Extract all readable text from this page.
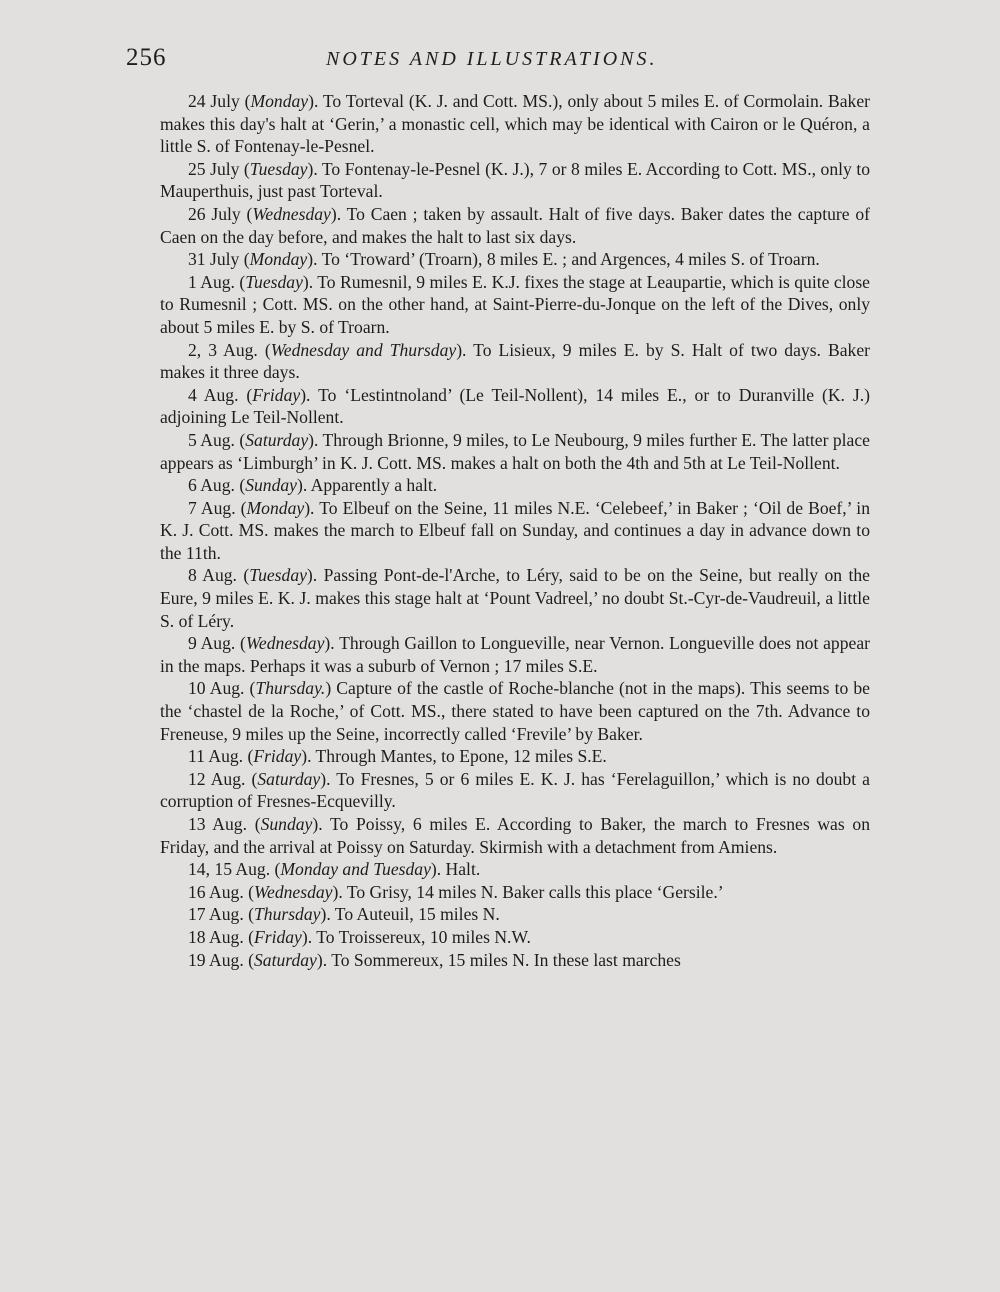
256	NOTES AND ILLUSTRATIONS.

24 July (Monday). To Torteval (K. J. and Cott. MS.), only about 5 miles E. of Cormolain. Baker makes this day's halt at ‘Gerin,’ a monastic cell, which may be identical with Cairon or le Quéron, a little S. of Fontenay-le-Pesnel.

25 July (Tuesday). To Fontenay-le-Pesnel (K. J.), 7 or 8 miles E. According to Cott. MS., only to Mauperthuis, just past Torteval.

26 July (Wednesday). To Caen ; taken by assault. Halt of five days. Baker dates the capture of Caen on the day before, and makes the halt to last six days.

31 July (Monday). To ‘Troward’ (Troarn), 8 miles E. ; and Argences, 4 miles S. of Troarn.

1 Aug. (Tuesday). To Rumesnil, 9 miles E. K.J. fixes the stage at Leaupartie, which is quite close to Rumesnil ; Cott. MS. on the other hand, at Saint-Pierre-du-Jonque on the left of the Dives, only about 5 miles E. by S. of Troarn.

2, 3 Aug. (Wednesday and Thursday). To Lisieux, 9 miles E. by S. Halt of two days. Baker makes it three days.

4 Aug. (Friday). To ‘Lestintnoland’ (Le Teil-Nollent), 14 miles E., or to Duranville (K. J.) adjoining Le Teil-Nollent.

5 Aug. (Saturday). Through Brionne, 9 miles, to Le Neubourg, 9 miles further E. The latter place appears as ‘Limburgh’ in K. J. Cott. MS. makes a halt on both the 4th and 5th at Le Teil-Nollent.

6 Aug. (Sunday). Apparently a halt.

7 Aug. (Monday). To Elbeuf on the Seine, 11 miles N.E. ‘Celebeef,’ in Baker ; ‘Oil de Boef,’ in K. J. Cott. MS. makes the march to Elbeuf fall on Sunday, and continues a day in advance down to the 11th.

8 Aug. (Tuesday). Passing Pont-de-l'Arche, to Léry, said to be on the Seine, but really on the Eure, 9 miles E. K. J. makes this stage halt at ‘Pount Vadreel,’ no doubt St.-Cyr-de-Vaudreuil, a little S. of Léry.

9 Aug. (Wednesday). Through Gaillon to Longueville, near Vernon. Longueville does not appear in the maps. Perhaps it was a suburb of Vernon ; 17 miles S.E.

10 Aug. (Thursday.) Capture of the castle of Roche-blanche (not in the maps). This seems to be the ‘chastel de la Roche,’ of Cott. MS., there stated to have been captured on the 7th. Advance to Freneuse, 9 miles up the Seine, incorrectly called ‘Frevile’ by Baker.

11 Aug. (Friday). Through Mantes, to Epone, 12 miles S.E.

12 Aug. (Saturday). To Fresnes, 5 or 6 miles E. K. J. has ‘Ferelaguillon,’ which is no doubt a corruption of Fresnes-Ecquevilly.

13 Aug. (Sunday). To Poissy, 6 miles E. According to Baker, the march to Fresnes was on Friday, and the arrival at Poissy on Saturday. Skirmish with a detachment from Amiens.

14, 15 Aug. (Monday and Tuesday). Halt.

16 Aug. (Wednesday). To Grisy, 14 miles N. Baker calls this place ‘Gersile.’

17 Aug. (Thursday). To Auteuil, 15 miles N.

18 Aug. (Friday). To Troissereux, 10 miles N.W.

19 Aug. (Saturday). To Sommereux, 15 miles N. In these last marches
